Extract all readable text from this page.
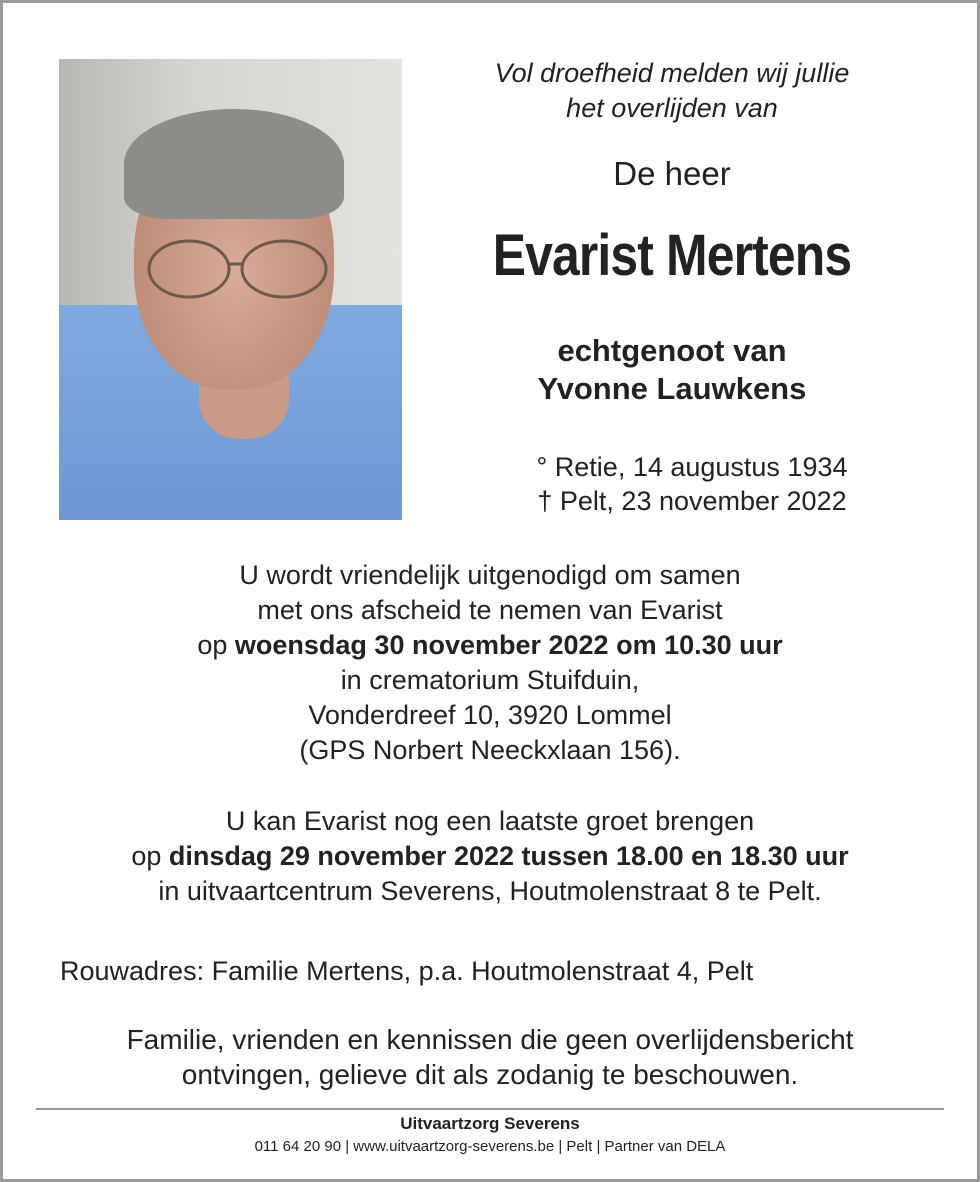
Vol droefheid melden wij jullie
het overlijden van
De heer
Evarist Mertens
echtgenoot van
Yvonne Lauwkens
° Retie, 14 augustus 1934
† Pelt, 23 november 2022
U wordt vriendelijk uitgenodigd om samen
met ons afscheid te nemen van Evarist
op woensdag 30 november 2022 om 10.30 uur
in crematorium Stuifduin,
Vonderdreef 10, 3920 Lommel
(GPS Norbert Neeckxlaan 156).
U kan Evarist nog een laatste groet brengen
op dinsdag 29 november 2022 tussen 18.00 en 18.30 uur
in uitvaartcentrum Severens, Houtmolenstraat 8 te Pelt.
Rouwadres: Familie Mertens, p.a. Houtmolenstraat 4, Pelt
Familie, vrienden en kennissen die geen overlijdensbericht
ontvingen, gelieve dit als zodanig te beschouwen.
Uitvaartzorg Severens
011 64 20 90 | www.uitvaartzorg-severens.be | Pelt | Partner van DELA
